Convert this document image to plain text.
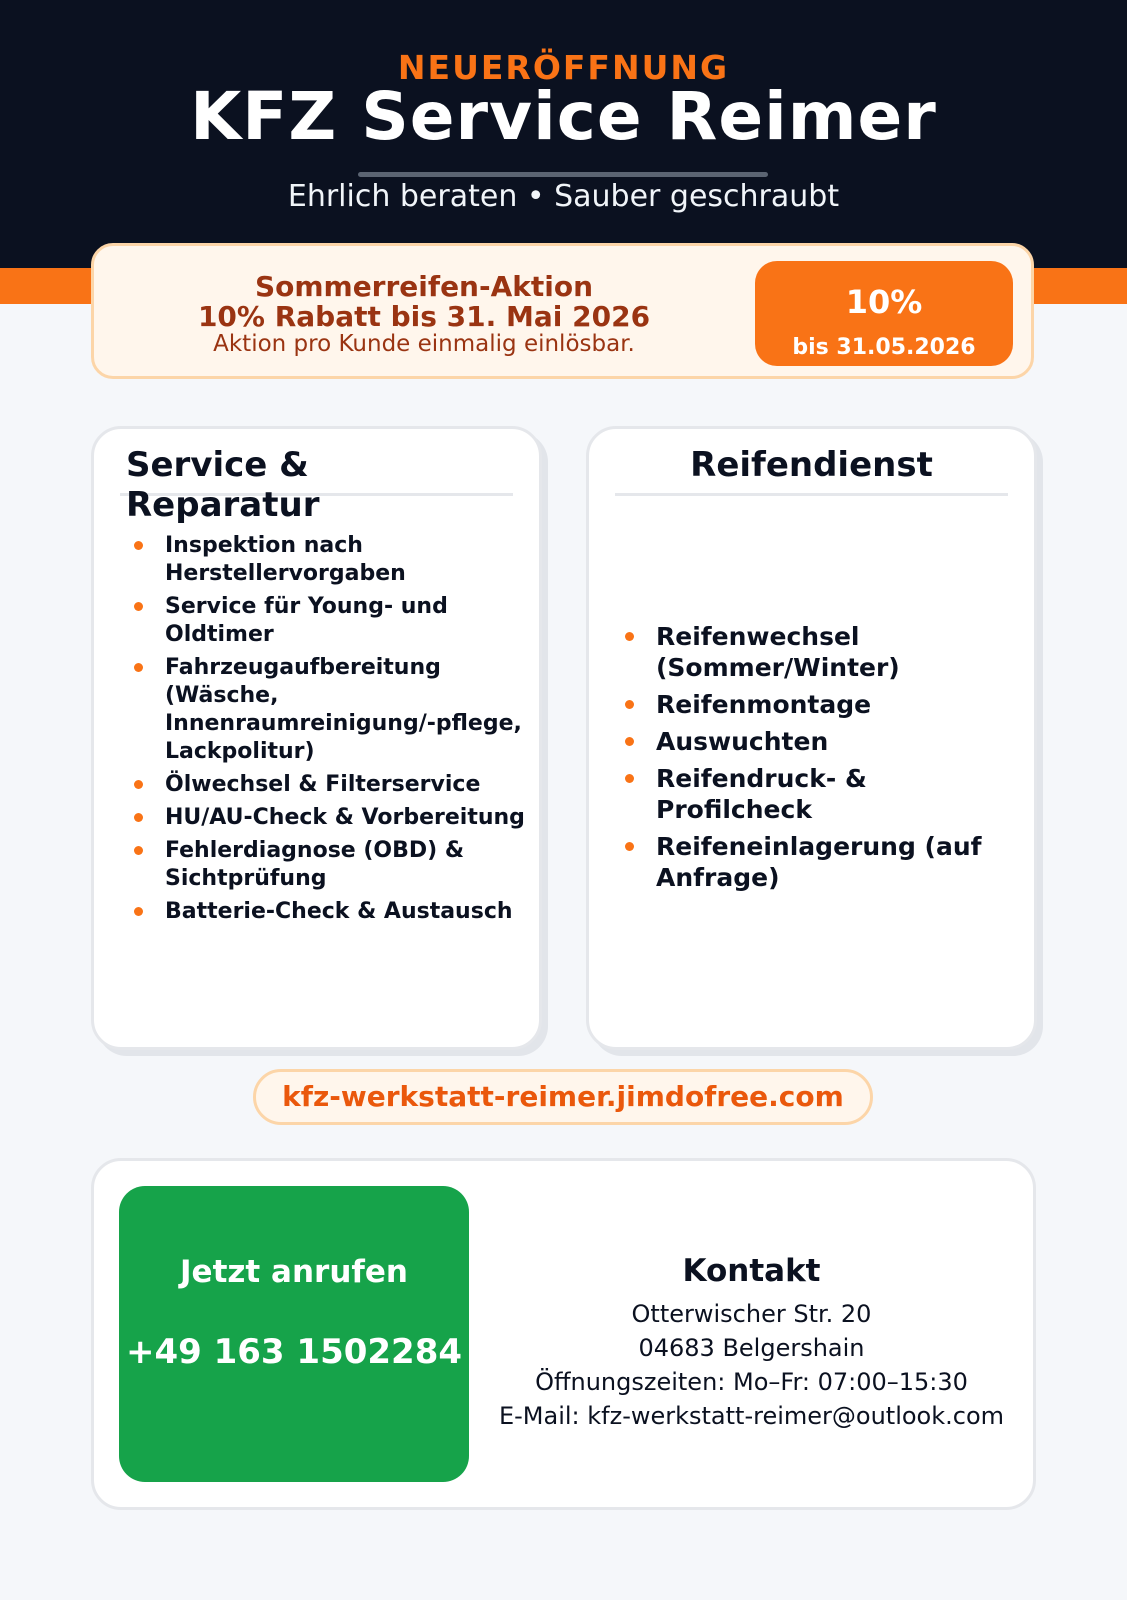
NEUERÖFFNUNG
KFZ Service Reimer
Ehrlich beraten • Sauber geschraubt
Sommerreifen-Aktion
10% Rabatt bis 31. Mai 2026
Aktion pro Kunde einmalig einlösbar.
10%
bis 31.05.2026
Service & Reparatur
Inspektion nach Herstellervorgaben
Service für Young- und Oldtimer
Fahrzeugaufbereitung (Wäsche, Innenraumreinigung/-pflege, Lackpolitur)
Ölwechsel & Filterservice
HU/AU-Check & Vorbereitung
Fehlerdiagnose (OBD) & Sichtprüfung
Batterie-Check & Austausch
Reifendienst
Reifenwechsel (Sommer/Winter)
Reifenmontage
Auswuchten
Reifendruck- & Profilcheck
Reifeneinlagerung (auf Anfrage)
kfz-werkstatt-reimer.jimdofree.com
Jetzt anrufen
+49 163 1502284
Kontakt
Otterwischer Str. 20
04683 Belgershain
Öffnungszeiten: Mo–Fr: 07:00–15:30
E-Mail: kfz-werkstatt-reimer@outlook.com
